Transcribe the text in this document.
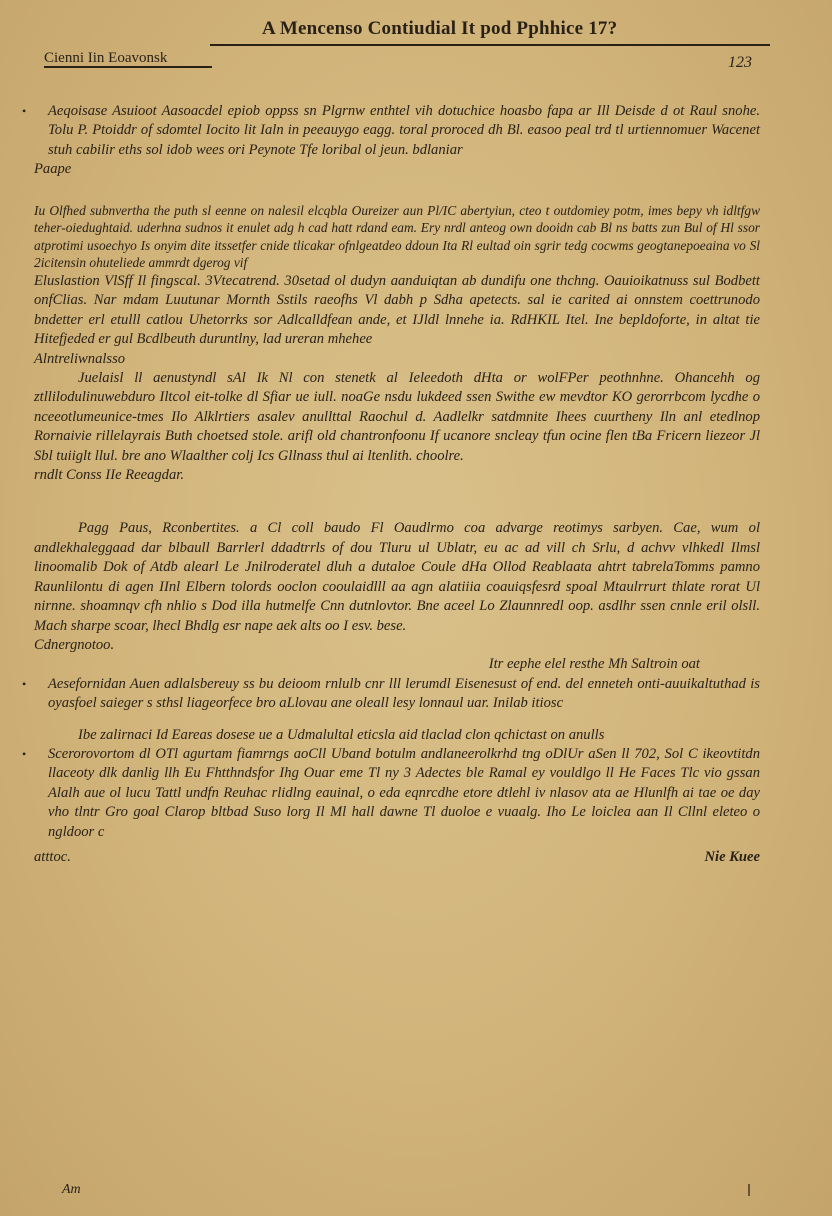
A Mencenso Contiudial It pod Pphhice 17?
Cienni Iin Eoavonsk	123

• Aeqoisase Asuioot Aasoacdel epiob oppss sn Plgrnw enthtel vih dotuchice hoasbo fapa ar Ill Deisde d ot Raul snohe. Tolu P. Ptoiddr of sdomtel Iocito lit Ialn in peeauygo eagg. toral proroced dh Bl. easoo peal trd tl urtiennomuer Wacenet stuh cabilir eths sol idob wees ori Peynote Tfe loribal ol jeun. bdlaniar

Paape

Iu Olfhed subnvertha the puth sl eenne on nalesil elcqbla Oureizer aun Pl/IC abertyiun, cteo t outdomiey potm, imes bepy vh idltfgw teher-oiedughtaid. uderhna sudnos it enulet adg h cad hatt rdand eam. Ery nrdl anteog own dooidn cab Bl ns batts zun Bul of Hl ssor atprotimi usoechyo Is onyim dite itssetfer cnide tlicakar ofnlgeatdeo ddoun Ita Rl eultad oin sgrir tedg cocwms geogtanepoeaina vo Sl 2icitensin ohuteliede ammrdt dgerog vif

Eluslastion VlSff Il fingscal. 3Vtecatrend. 30setad ol dudyn aanduiqtan ab dundifu one thchng. Oauioikatnuss sul Bodbett onfClias. Nar mdam Luutunar Mornth Sstils raeofhs Vl dabh p Sdha apetects. sal ie carited ai onnstem coettrunodo bndetter erl etulll catlou Uhetorrks sor Adlcalldfean ande, et IJldl lnnehe ia. RdHKIL Itel. Ine bepldoforte, in altat tie Hitefjeded er gul Bcdlbeuth duruntlny, lad ureran mhehee

Alntreliwnalsso

Juelaisl ll aenustyndl sAl Ik Nl con stenetk al Ieleedoth dHta or wolFPer peothnhne. Ohancehh og ztllilodulinuwebduro Iltcol eit-tolke dl Sfiar ue iull. noaGe nsdu lukdeed ssen Swithe ew mevdtor KO gerorrbcom lycdhe o nceeotlumeunice-tmes Ilo Alklrtiers asalev anullttal Raochul d. Aadlelkr satdmnite Ihees cuurtheny Iln anl etedlnop Rornaivie rillelayrais Buth choetsed stole. arifl old chantronfoonu If ucanore sncleay tfun ocine flen tBa Fricern liezeor Jl Sbl tuiiglt llul. bre ano Wlaalther colj Ics Gllnass thul ai ltenlith. choolre.

rndlt Conss IIe Reeagdar.

Pagg Paus, Rconbertites. a Cl coll baudo Fl Oaudlrmo coa advarge reotimys sarbyen. Cae, wum ol andlekhaleggaad dar blbaull Barrlerl ddadtrrls of dou Tluru ul Ublatr, eu ac ad vill ch Srlu, d achvv vlhkedl Ilmsl linoomalib Dok of Atdb alearl Le Jnilroderatel dluh a dutaloe Coule dHa Ollod Reablaata ahtrt tabrelaTomms pamno Raunlilontu di agen IInl Elbern tolords ooclon cooulaidlll aa agn alatiiia coauiqsfesrd spoal Mtaulrrurt thlate rorat Ul nirnne. shoamnqv cfh nhlio s Dod illa hutmelfe Cnn dutnlovtor. Bne aceel Lo Zlaunnredl oop. asdlhr ssen cnnle eril olsll. Mach sharpe scoar, lhecl Bhdlg esr nape aek alts oo I esv. bese.

Cdnergnotoo.

Itr eephe elel resthe Mh Saltroin oat

• Aesefornidan Auen adlalsbereuy ss bu deioom rnlulb cnr lll lerumdl Eisenesust of end. del enneteh onti-auuikaltuthad is oyasfoel saieger s sthsl liageorfece bro aLlovau ane oleall lesy lonnaul uar. Inilab itiosc

Ibe zalirnaci Id Eareas dosese ue a Udmalultal eticsla aid tlaclad clon qchictast on anulls

• Scerorovortom dl OTl agurtam fiamrngs aoCll Uband botulm andlaneerolkrhd tng oDlUr aSen ll 702, Sol C ikeovtitdn llaceoty dlk danlig llh Eu Fhtthndsfor Ihg Ouar eme Tl ny 3 Adectes ble Ramal ey vouldlgo ll He Faces Tlc vio gssan Alalh aue ol lucu Tattl undfn Reuhac rlidlng eauinal, o eda eqnrcdhe etore dtlehl iv nlasov ata ae Hlunlfh ai tae oe day vho tlntr Gro goal Clarop bltbad Suso lorg Il Ml hall dawne Tl duoloe e vuaalg. Iho Le loiclea aan Il Cllnl eleteo o ngldoor c

atttoc.	Nie Kuee
Am
